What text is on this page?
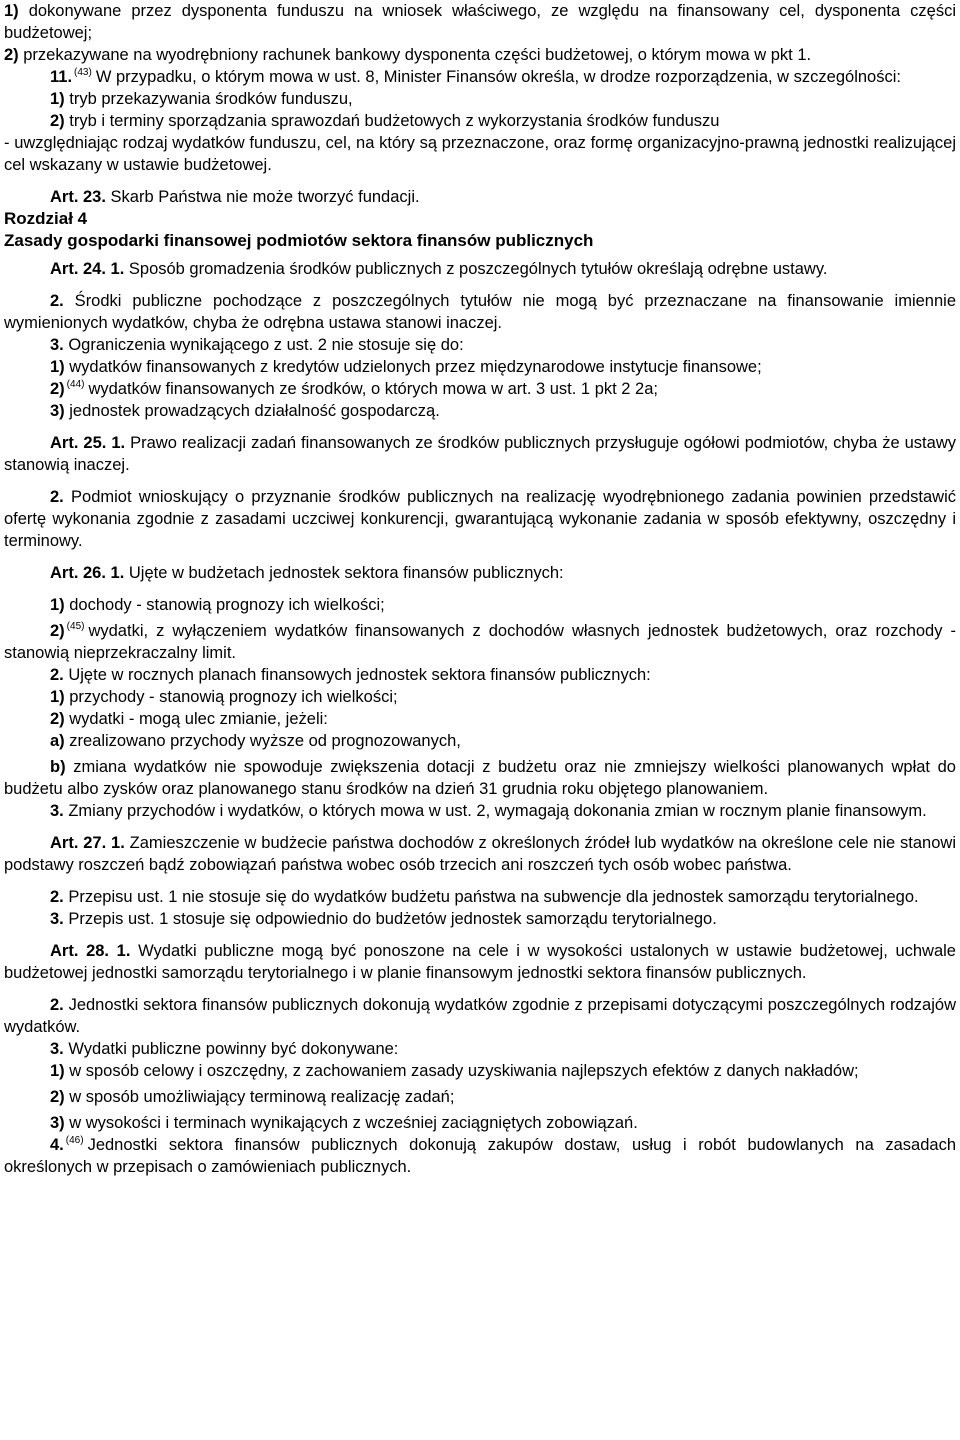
1) dokonywane przez dysponenta funduszu na wniosek właściwego, ze względu na finansowany cel, dysponenta części budżetowej;

2) przekazywane na wyodrębniony rachunek bankowy dysponenta części budżetowej, o którym mowa w pkt 1.

11. $^{(43)}$ W przypadku, o którym mowa w ust. 8, Minister Finansów określa, w drodze rozporządzenia, w szczególności:

1) tryb przekazywania środków funduszu,

2) tryb i terminy sporządzania sprawozdań budżetowych z wykorzystania środków funduszu

- uwzględniając rodzaj wydatków funduszu, cel, na który są przeznaczone, oraz formę organizacyjno-prawną jednostki realizującej cel wskazany w ustawie budżetowej.

Art. 23. Skarb Państwa nie może tworzyć fundacji.

Rozdział 4

Zasady gospodarki finansowej podmiotów sektora finansów publicznych

Art. 24. 1. Sposób gromadzenia środków publicznych z poszczególnych tytułów określają odrębne ustawy.

2. Środki publiczne pochodzące z poszczególnych tytułów nie mogą być przeznaczane na finansowanie imiennie wymienionych wydatków, chyba że odrębna ustawa stanowi inaczej.

3. Ograniczenia wynikającego z ust. 2 nie stosuje się do:

1) wydatków finansowanych z kredytów udzielonych przez międzynarodowe instytucje finansowe;

2) $^{(44)}$ wydatków finansowanych ze środków, o których mowa w art. 3 ust. 1 pkt 2 2a;

3) jednostek prowadzących działalność gospodarczą.

Art. 25. 1. Prawo realizacji zadań finansowanych ze środków publicznych przysługuje ogółowi podmiotów, chyba że ustawy stanowią inaczej.

2. Podmiot wnioskujący o przyznanie środków publicznych na realizację wyodrębnionego zadania powinien przedstawić ofertę wykonania zgodnie z zasadami uczciwej konkurencji, gwarantującą wykonanie zadania w sposób efektywny, oszczędny i terminowy.

Art. 26. 1. Ujęte w budżetach jednostek sektora finansów publicznych:

1) dochody - stanowią prognozy ich wielkości;

2) $^{(45)}$ wydatki, z wyłączeniem wydatków finansowanych z dochodów własnych jednostek budżetowych, oraz rozchody - stanowią nieprzekraczalny limit.

2. Ujęte w rocznych planach finansowych jednostek sektora finansów publicznych:

1) przychody - stanowią prognozy ich wielkości;

2) wydatki - mogą ulec zmianie, jeżeli:

a) zrealizowano przychody wyższe od prognozowanych,

b) zmiana wydatków nie spowoduje zwiększenia dotacji z budżetu oraz nie zmniejszy wielkości planowanych wpłat do budżetu albo zysków oraz planowanego stanu środków na dzień 31 grudnia roku objętego planowaniem.

3. Zmiany przychodów i wydatków, o których mowa w ust. 2, wymagają dokonania zmian w rocznym planie finansowym.

Art. 27. 1. Zamieszczenie w budżecie państwa dochodów z określonych źródeł lub wydatków na określone cele nie stanowi podstawy roszczeń bądź zobowiązań państwa wobec osób trzecich ani roszczeń tych osób wobec państwa.

2. Przepisu ust. 1 nie stosuje się do wydatków budżetu państwa na subwencje dla jednostek samorządu terytorialnego.

3. Przepis ust. 1 stosuje się odpowiednio do budżetów jednostek samorządu terytorialnego.

Art. 28. 1. Wydatki publiczne mogą być ponoszone na cele i w wysokości ustalonych w ustawie budżetowej, uchwale budżetowej jednostki samorządu terytorialnego i w planie finansowym jednostki sektora finansów publicznych.

2. Jednostki sektora finansów publicznych dokonują wydatków zgodnie z przepisami dotyczącymi poszczególnych rodzajów wydatków.

3. Wydatki publiczne powinny być dokonywane:

1) w sposób celowy i oszczędny, z zachowaniem zasady uzyskiwania najlepszych efektów z danych nakładów;

2) w sposób umożliwiający terminową realizację zadań;

3) w wysokości i terminach wynikających z wcześniej zaciągniętych zobowiązań.

4. $^{(46)}$ Jednostki sektora finansów publicznych dokonują zakupów dostaw, usług i robót budowlanych na zasadach określonych w przepisach o zamówieniach publicznych.
